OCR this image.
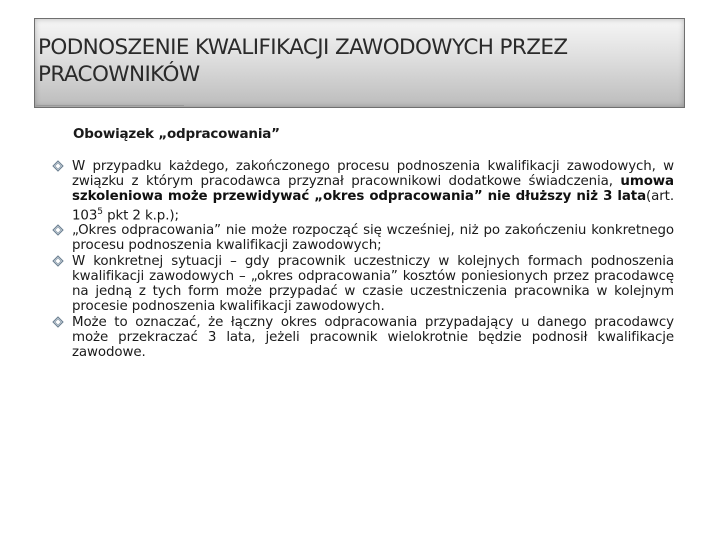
PODNOSZENIE KWALIFIKACJI ZAWODOWYCH PRZEZ PRACOWNIKÓW
Obowiązek „odpracowania”
W przypadku każdego, zakończonego procesu podnoszenia kwalifikacji zawodowych, w związku z którym pracodawca przyznał pracownikowi dodatkowe świadczenia, umowa szkoleniowa może przewidywać „okres odpracowania” nie dłuższy niż 3 lata(art. $103^5$ pkt 2 k.p.);
„Okres odpracowania” nie może rozpocząć się wcześniej, niż po zakończeniu konkretnego procesu podnoszenia kwalifikacji zawodowych;
W konkretnej sytuacji – gdy pracownik uczestniczy w kolejnych formach podnoszenia kwalifikacji zawodowych – „okres odpracowania” kosztów poniesionych przez pracodawcę na jedną z tych form może przypadać w czasie uczestniczenia pracownika w kolejnym procesie podnoszenia kwalifikacji zawodowych.
Może to oznaczać, że łączny okres odpracowania przypadający u danego pracodawcy może przekraczać 3 lata, jeżeli pracownik wielokrotnie będzie podnosił kwalifikacje zawodowe.
